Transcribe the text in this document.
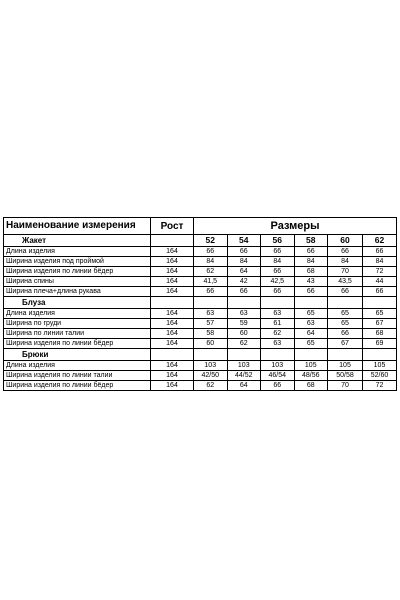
Наименование измерения	Рост	Размеры					
Жакет		52	54	56	58	60	62
Длина изделия	164	66	66	66	66	66	66
Ширина изделия под проймой	164	84	84	84	84	84	84
Ширина изделия по линии бёдер	164	62	64	66	68	70	72
Ширина спины	164	41,5	42	42,5	43	43,5	44
Ширина плеча+длина рукава	164	66	66	66	66	66	66
Блуза							
Длина изделия	164	63	63	63	65	65	65
Ширина по груди	164	57	59	61	63	65	67
Ширина по линии талии	164	58	60	62	64	66	68
Ширина изделия по линии бёдер	164	60	62	63	65	67	69
Брюки							
Длина изделия	164	103	103	103	105	105	105
Ширина изделия по линии талии	164	42/50	44/52	46/54	48/56	50/58	52/60
Ширина изделия по линии бёдер	164	62	64	66	68	70	72
